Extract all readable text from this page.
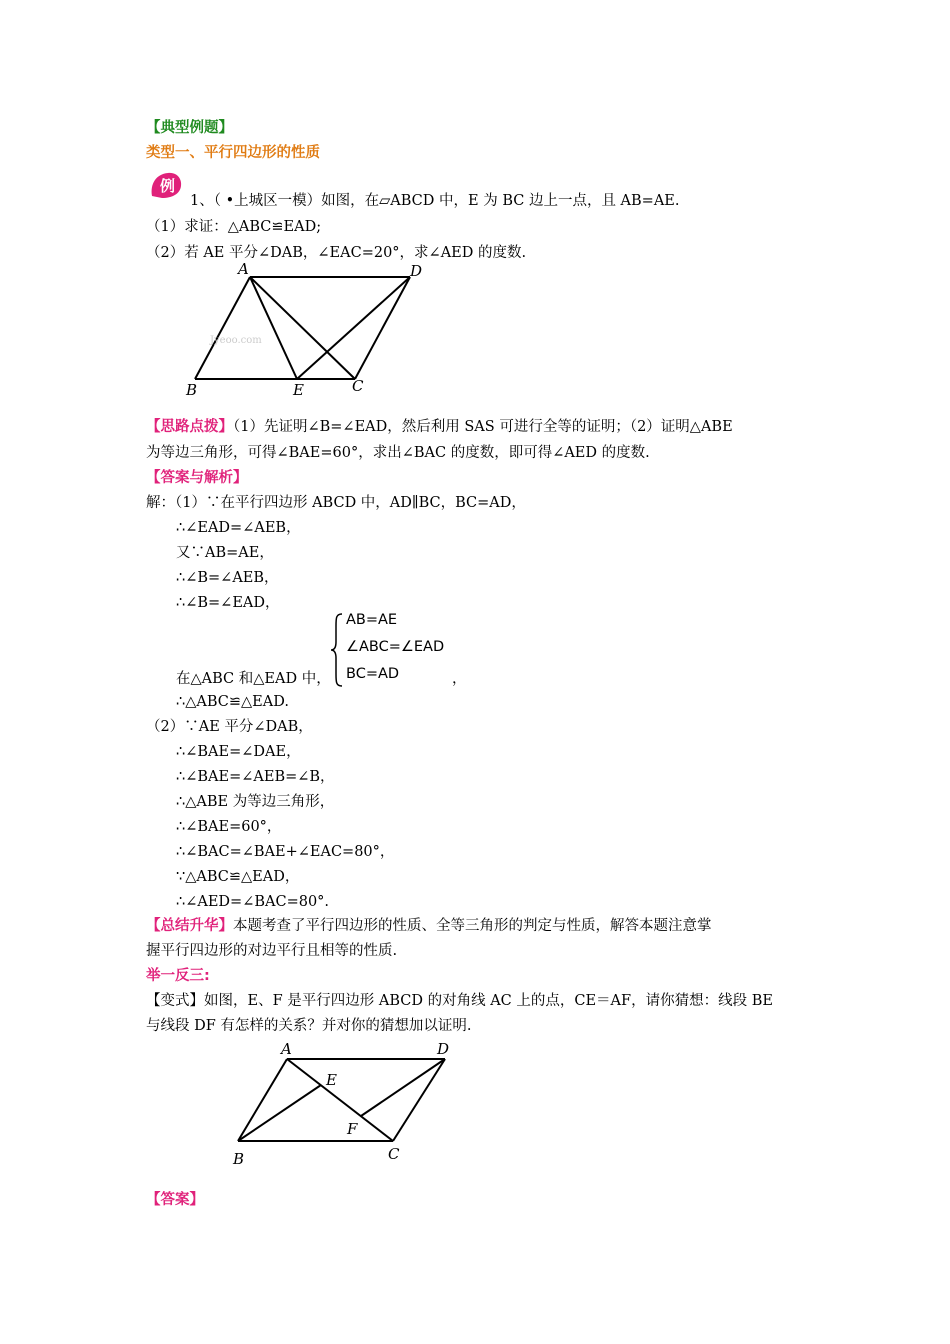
【典型例题】
类型一、平行四边形的性质
例
1、（ •上城区一模）如图，在▱ABCD 中，E 为 BC 边上一点，且 AB=AE.
（1）求证：△ABC≌EAD;
（2）若 AE 平分∠DAB，∠EAC=20°，求∠AED 的度数.
Jyeoo.com
A	D
B	E	C
【思路点拨】（1）先证明∠B=∠EAD，然后利用 SAS 可进行全等的证明；（2）证明△ABE
为等边三角形，可得∠BAE=60°，求出∠BAC 的度数，即可得∠AED 的度数.
【答案与解析】
解：（1）∵在平行四边形 ABCD 中，AD∥BC，BC=AD，
∴∠EAD=∠AEB，
又∵AB=AE，
∴∠B=∠AEB，
∴∠B=∠EAD，
AB=AE
∠ABC=∠EAD
BC=AD
在△ABC 和△EAD 中，	，
∴△ABC≌△EAD.
（2）∵AE 平分∠DAB，
∴∠BAE=∠DAE，
∴∠BAE=∠AEB=∠B，
∴△ABE 为等边三角形，
∴∠BAE=60°，
∴∠BAC=∠BAE+∠EAC=80°，
∵△ABC≌△EAD，
∴∠AED=∠BAC=80°.
【总结升华】本题考查了平行四边形的性质、全等三角形的判定与性质，解答本题注意掌
握平行四边形的对边平行且相等的性质.
举一反三:
【变式】如图，E、F 是平行四边形 ABCD 的对角线 AC 上的点，CE＝AF，请你猜想：线段 BE
与线段 DF 有怎样的关系？并对你的猜想加以证明.
A	D
E
F
B	C
【答案】
